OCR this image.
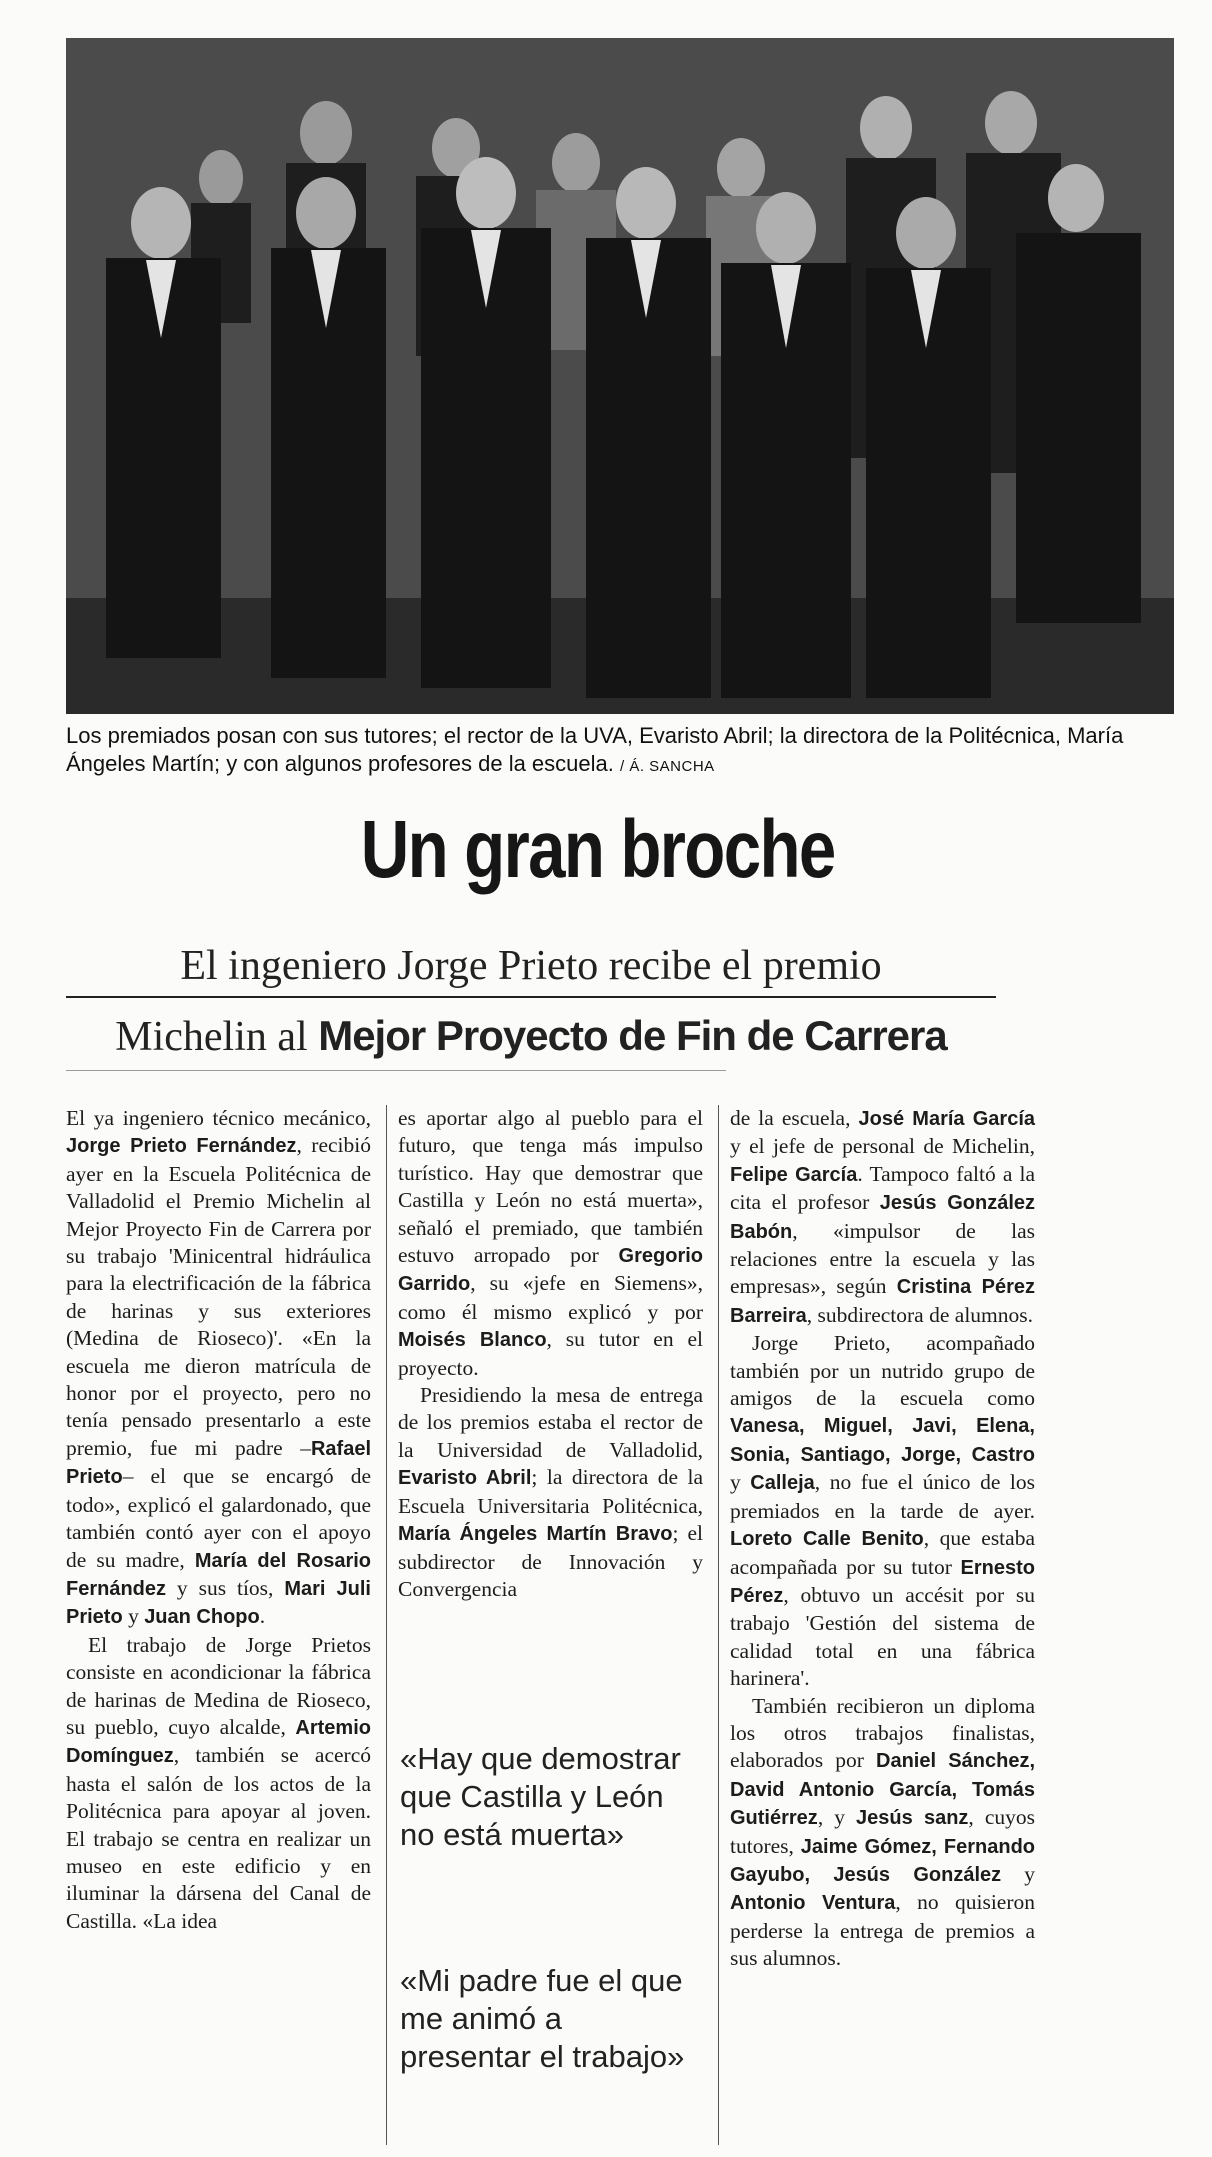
Los premiados posan con sus tutores; el rector de la UVA, Evaristo Abril; la directora de la Politécnica, María Ángeles Martín; y con algunos profesores de la escuela. / Á. SANCHA
Un gran broche
El ingeniero Jorge Prieto recibe el premio
Michelin al Mejor Proyecto de Fin de Carrera

El ya ingeniero técnico mecánico, Jorge Prieto Fernández, recibió ayer en la Escuela Politécnica de Valladolid el Premio Michelin al Mejor Proyecto Fin de Carrera por su trabajo 'Minicentral hidráulica para la electrificación de la fábrica de harinas y sus exteriores (Medina de Rioseco)'. «En la escuela me dieron matrícula de honor por el proyecto, pero no tenía pensado presentarlo a este premio, fue mi padre –Rafael Prieto– el que se encargó de todo», explicó el galardonado, que también contó ayer con el apoyo de su madre, María del Rosario Fernández y sus tíos, Mari Juli Prieto y Juan Chopo.

El trabajo de Jorge Prietos consiste en acondicionar la fábrica de harinas de Medina de Rioseco, su pueblo, cuyo alcalde, Artemio Domínguez, también se acercó hasta el salón de los actos de la Politécnica para apoyar al joven. El trabajo se centra en realizar un museo en este edificio y en iluminar la dársena del Canal de Castilla. «La idea

es aportar algo al pueblo para el futuro, que tenga más impulso turístico. Hay que demostrar que Castilla y León no está muerta», señaló el premiado, que también estuvo arropado por Gregorio Garrido, su «jefe en Siemens», como él mismo explicó y por Moisés Blanco, su tutor en el proyecto.

Presidiendo la mesa de entrega de los premios estaba el rector de la Universidad de Valladolid, Evaristo Abril; la directora de la Escuela Universitaria Politécnica, María Ángeles Martín Bravo; el subdirector de Innovación y Convergencia

«Hay que demostrar que Castilla y León no está muerta»
«Mi padre fue el que me animó a presentar el trabajo»

de la escuela, José María García y el jefe de personal de Michelin, Felipe García. Tampoco faltó a la cita el profesor Jesús González Babón, «impulsor de las relaciones entre la escuela y las empresas», según Cristina Pérez Barreira, subdirectora de alumnos.

Jorge Prieto, acompañado también por un nutrido grupo de amigos de la escuela como Vanesa, Miguel, Javi, Elena, Sonia, Santiago, Jorge, Castro y Calleja, no fue el único de los premiados en la tarde de ayer. Loreto Calle Benito, que estaba acompañada por su tutor Ernesto Pérez, obtuvo un accésit por su trabajo 'Gestión del sistema de calidad total en una fábrica harinera'.

También recibieron un diploma los otros trabajos finalistas, elaborados por Daniel Sánchez, David Antonio García, Tomás Gutiérrez, y Jesús sanz, cuyos tutores, Jaime Gómez, Fernando Gayubo, Jesús González y Antonio Ventura, no quisieron perderse la entrega de premios a sus alumnos.
